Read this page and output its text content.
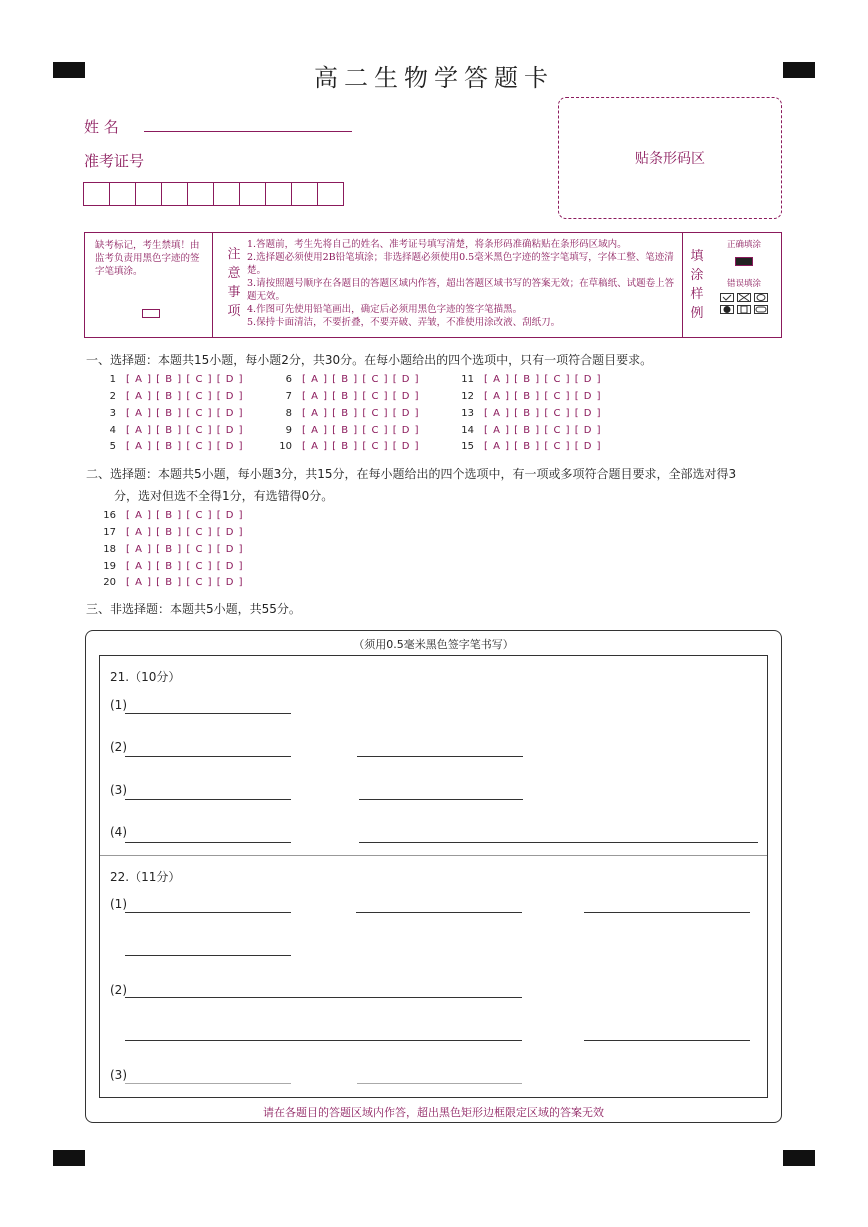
高二生物学答题卡
姓 名
准考证号	贴条形码区
缺考标记，考生禁填！由监考负责用黑色字迹的签字笔填涂。
注
意
事
项
1.答题前，考生先将自己的姓名、准考证号填写清楚，将条形码准确粘贴在条形码区域内。
2.选择题必须使用2B铅笔填涂；非选择题必须使用0.5毫米黑色字迹的签字笔填写，字体工整、笔迹清楚。
3.请按照题号顺序在各题目的答题区域内作答，超出答题区域书写的答案无效；在草稿纸、试题卷上答题无效。
4.作图可先使用铅笔画出，确定后必须用黑色字迹的签字笔描黑。
5.保持卡面清洁，不要折叠，不要弄破、弄皱，不准使用涂改液、刮纸刀。
填
涂
样
例
正确填涂
错误填涂
一、选择题：本题共15小题，每小题2分，共30分。在每小题给出的四个选项中，只有一项符合题目要求。
1 [ A ] [ B ] [ C ] [ D ]
2 [ A ] [ B ] [ C ] [ D ]
3 [ A ] [ B ] [ C ] [ D ]
4 [ A ] [ B ] [ C ] [ D ]
5 [ A ] [ B ] [ C ] [ D ]
6 [ A ] [ B ] [ C ] [ D ]
7 [ A ] [ B ] [ C ] [ D ]
8 [ A ] [ B ] [ C ] [ D ]
9 [ A ] [ B ] [ C ] [ D ]
10 [ A ] [ B ] [ C ] [ D ]
11 [ A ] [ B ] [ C ] [ D ]
12 [ A ] [ B ] [ C ] [ D ]
13 [ A ] [ B ] [ C ] [ D ]
14 [ A ] [ B ] [ C ] [ D ]
15 [ A ] [ B ] [ C ] [ D ]
二、选择题：本题共5小题，每小题3分，共15分，在每小题给出的四个选项中，有一项或多项符合题目要求，全部选对得3
分，选对但选不全得1分，有选错得0分。
16 [ A ] [ B ] [ C ] [ D ]
17 [ A ] [ B ] [ C ] [ D ]
18 [ A ] [ B ] [ C ] [ D ]
19 [ A ] [ B ] [ C ] [ D ]
20 [ A ] [ B ] [ C ] [ D ]
三、非选择题：本题共5小题，共55分。
（须用0.5毫米黑色签字笔书写）
21.（10分）
(1)
(2)
(3)
(4)
22.（11分）
(1)
(2)
(3)
请在各题目的答题区域内作答，超出黑色矩形边框限定区域的答案无效
